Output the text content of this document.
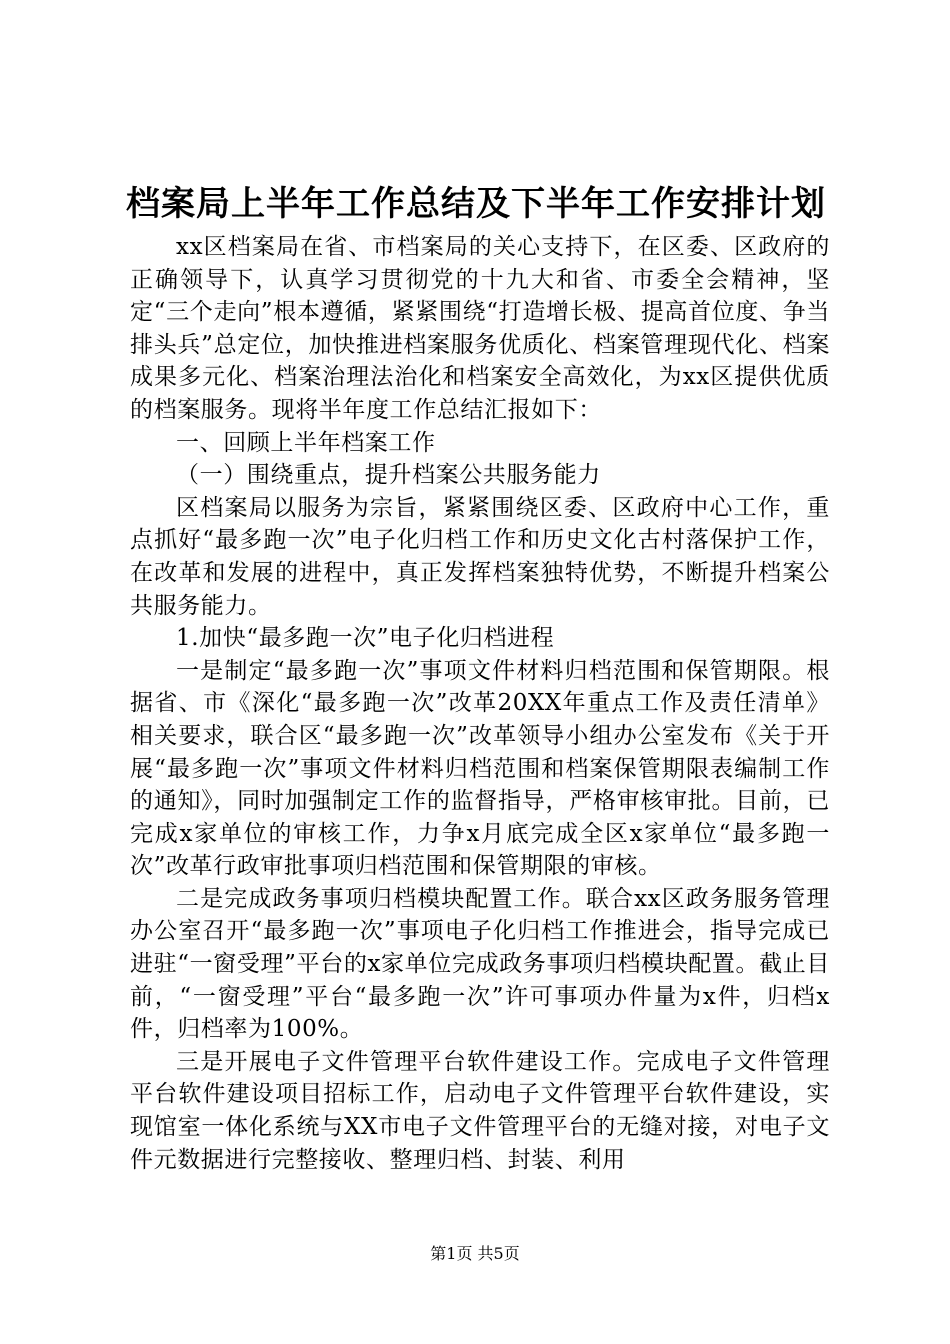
档案局上半年工作总结及下半年工作安排计划

xx区档案局在省、市档案局的关心支持下，在区委、区政府的正确领导下，认真学习贯彻党的十九大和省、市委全会精神，坚定“三个走向”根本遵循，紧紧围绕“打造增长极、提高首位度、争当排头兵”总定位，加快推进档案服务优质化、档案管理现代化、档案成果多元化、档案治理法治化和档案安全高效化，为xx区提供优质的档案服务。现将半年度工作总结汇报如下：

一、回顾上半年档案工作

（一）围绕重点，提升档案公共服务能力

区档案局以服务为宗旨，紧紧围绕区委、区政府中心工作，重点抓好“最多跑一次”电子化归档工作和历史文化古村落保护工作，在改革和发展的进程中，真正发挥档案独特优势，不断提升档案公共服务能力。

1.加快“最多跑一次”电子化归档进程

一是制定“最多跑一次”事项文件材料归档范围和保管期限。根据省、市《深化“最多跑一次”改革20XX年重点工作及责任清单》相关要求，联合区“最多跑一次”改革领导小组办公室发布《关于开展“最多跑一次”事项文件材料归档范围和档案保管期限表编制工作的通知》，同时加强制定工作的监督指导，严格审核审批。目前，已完成x家单位的审核工作，力争x月底完成全区x家单位“最多跑一次”改革行政审批事项归档范围和保管期限的审核。

二是完成政务事项归档模块配置工作。联合xx区政务服务管理办公室召开“最多跑一次”事项电子化归档工作推进会，指导完成已进驻“一窗受理”平台的x家单位完成政务事项归档模块配置。截止目前，“一窗受理”平台“最多跑一次”许可事项办件量为x件，归档x件，归档率为100%。

三是开展电子文件管理平台软件建设工作。完成电子文件管理平台软件建设项目招标工作，启动电子文件管理平台软件建设，实现馆室一体化系统与XX市电子文件管理平台的无缝对接，对电子文件元数据进行完整接收、整理归档、封装、利用

第1页 共5页
